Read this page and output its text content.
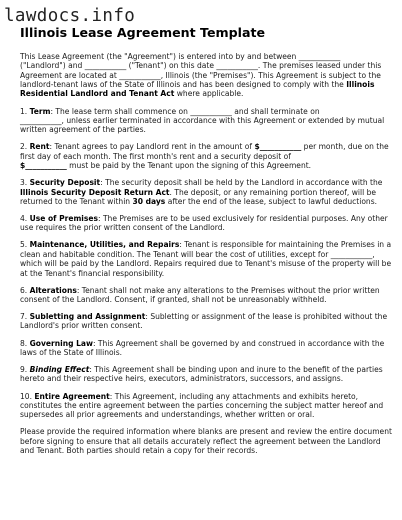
lawdocs.info
Illinois Lease Agreement Template

This Lease Agreement (the "Agreement") is entered into by and between ___________
("Landlord") and ___________ ("Tenant") on this date ___________. The premises leased under this Agreement are located at ___________, Illinois (the "Premises"). This Agreement is subject to the landlord-tenant laws of the State of Illinois and has been designed to comply with the Illinois Residential Landlord and Tenant Act where applicable.

1. Term: The lease term shall commence on ___________ and shall terminate on
___________, unless earlier terminated in accordance with this Agreement or extended by mutual written agreement of the parties.

2. Rent: Tenant agrees to pay Landlord rent in the amount of $___________ per month, due on the first day of each month. The first month's rent and a security deposit of
$___________ must be paid by the Tenant upon the signing of this Agreement.

3. Security Deposit: The security deposit shall be held by the Landlord in accordance with the Illinois Security Deposit Return Act. The deposit, or any remaining portion thereof, will be returned to the Tenant within 30 days after the end of the lease, subject to lawful deductions.

4. Use of Premises: The Premises are to be used exclusively for residential purposes. Any other use requires the prior written consent of the Landlord.

5. Maintenance, Utilities, and Repairs: Tenant is responsible for maintaining the Premises in a clean and habitable condition. The Tenant will bear the cost of utilities, except for ___________, which will be paid by the Landlord. Repairs required due to Tenant's misuse of the property will be at the Tenant's financial responsibility.

6. Alterations: Tenant shall not make any alterations to the Premises without the prior written consent of the Landlord. Consent, if granted, shall not be unreasonably withheld.

7. Subletting and Assignment: Subletting or assignment of the lease is prohibited without the Landlord's prior written consent.

8. Governing Law: This Agreement shall be governed by and construed in accordance with the laws of the State of Illinois.

9. Binding Effect: This Agreement shall be binding upon and inure to the benefit of the parties hereto and their respective heirs, executors, administrators, successors, and assigns.

10. Entire Agreement: This Agreement, including any attachments and exhibits hereto, constitutes the entire agreement between the parties concerning the subject matter hereof and supersedes all prior agreements and understandings, whether written or oral.

Please provide the required information where blanks are present and review the entire document before signing to ensure that all details accurately reflect the agreement between the Landlord and Tenant. Both parties should retain a copy for their records.
